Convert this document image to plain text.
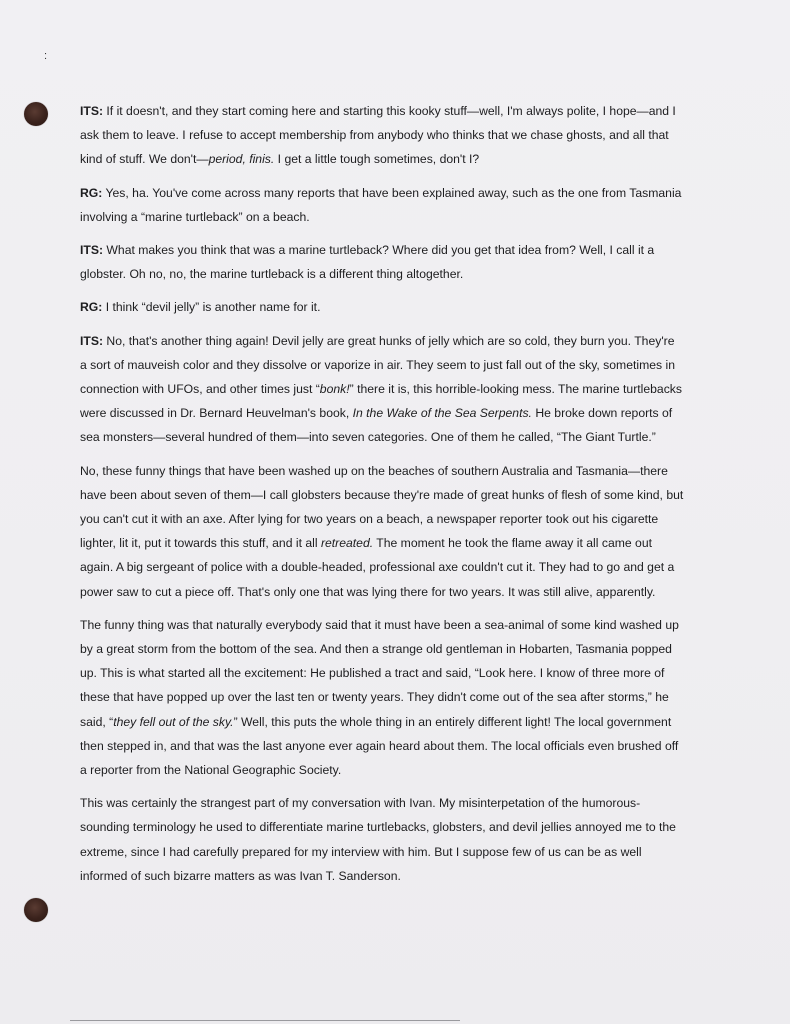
:

ITS: If it doesn't, and they start coming here and starting this kooky stuff—well, I'm always polite, I hope—and I ask them to leave. I refuse to accept membership from anybody who thinks that we chase ghosts, and all that kind of stuff. We don't—period, finis. I get a little tough sometimes, don't I?

RG: Yes, ha. You've come across many reports that have been explained away, such as the one from Tasmania involving a “marine turtleback” on a beach.

ITS: What makes you think that was a marine turtleback? Where did you get that idea from? Well, I call it a globster. Oh no, no, the marine turtleback is a different thing altogether.

RG: I think “devil jelly” is another name for it.

ITS: No, that's another thing again! Devil jelly are great hunks of jelly which are so cold, they burn you. They're a sort of mauveish color and they dissolve or vaporize in air. They seem to just fall out of the sky, sometimes in connection with UFOs, and other times just “bonk!” there it is, this horrible-looking mess. The marine turtlebacks were discussed in Dr. Bernard Heuvelman's book, In the Wake of the Sea Serpents. He broke down reports of sea monsters—several hundred of them—into seven categories. One of them he called, “The Giant Turtle.”

No, these funny things that have been washed up on the beaches of southern Australia and Tasmania—there have been about seven of them—I call globsters because they're made of great hunks of flesh of some kind, but you can't cut it with an axe. After lying for two years on a beach, a newspaper reporter took out his cigarette lighter, lit it, put it towards this stuff, and it all retreated. The moment he took the flame away it all came out again. A big sergeant of police with a double-headed, professional axe couldn't cut it. They had to go and get a power saw to cut a piece off. That's only one that was lying there for two years. It was still alive, apparently.

The funny thing was that naturally everybody said that it must have been a sea-animal of some kind washed up by a great storm from the bottom of the sea. And then a strange old gentleman in Hobarten, Tasmania popped up. This is what started all the excitement: He published a tract and said, “Look here. I know of three more of these that have popped up over the last ten or twenty years. They didn't come out of the sea after storms,” he said, “they fell out of the sky.” Well, this puts the whole thing in an entirely different light! The local government then stepped in, and that was the last anyone ever again heard about them. The local officials even brushed off a reporter from the National Geographic Society.

This was certainly the strangest part of my conversation with Ivan. My misinterpetation of the humorous-sounding terminology he used to differentiate marine turtlebacks, globsters, and devil jellies annoyed me to the extreme, since I had carefully prepared for my interview with him. But I suppose few of us can be as well informed of such bizarre matters as was Ivan T. Sanderson.
